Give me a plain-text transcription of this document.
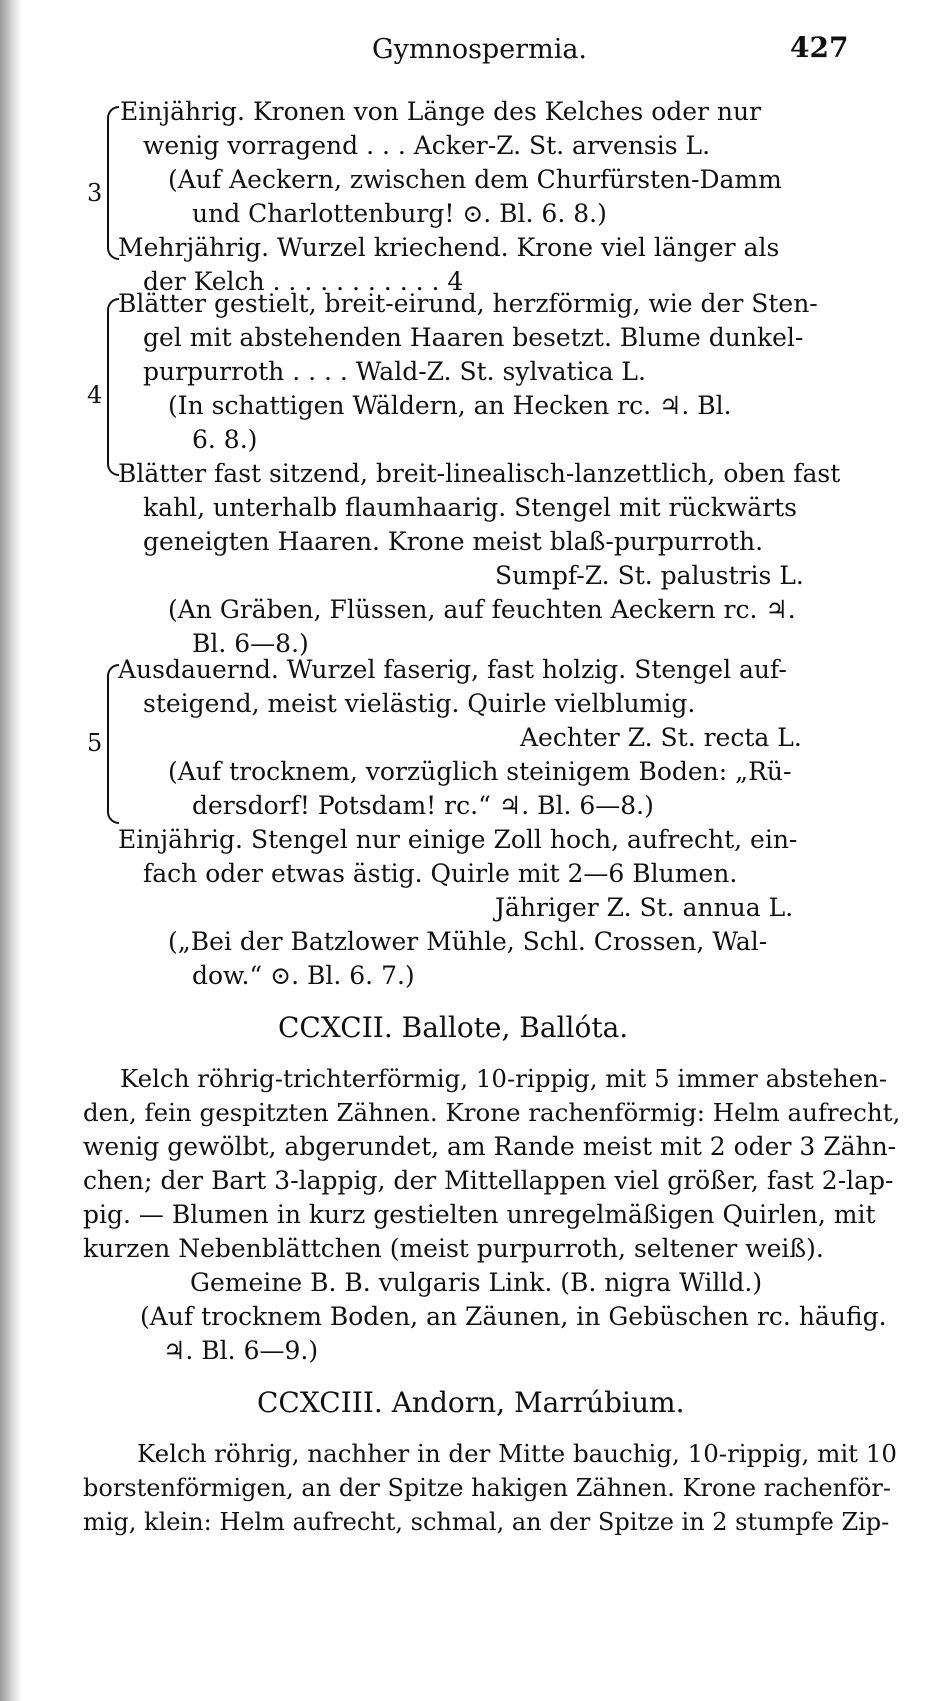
Gymnospermia.	427
3
Einjährig. Kronen von Länge des Kelches oder nur
wenig vorragend . . . Acker-Z. St. arvensis L.
(Auf Aeckern, zwischen dem Churfürsten-Damm
und Charlottenburg! ⊙. Bl. 6. 8.)
Mehrjährig. Wurzel kriechend. Krone viel länger als
der Kelch . . . . . . . . . . . 4
4
Blätter gestielt, breit-eirund, herzförmig, wie der Sten-
gel mit abstehenden Haaren besetzt. Blume dunkel-
purpurroth . . . . Wald-Z. St. sylvatica L.
(In schattigen Wäldern, an Hecken rc. ♃. Bl.
6. 8.)
Blätter fast sitzend, breit-linealisch-lanzettlich, oben fast
kahl, unterhalb flaumhaarig. Stengel mit rückwärts
geneigten Haaren. Krone meist blaß-purpurroth.
Sumpf-Z. St. palustris L.
(An Gräben, Flüssen, auf feuchten Aeckern rc. ♃.
Bl. 6—8.)
5
Ausdauernd. Wurzel faserig, fast holzig. Stengel auf-
steigend, meist vielästig. Quirle vielblumig.
Aechter Z. St. recta L.
(Auf trocknem, vorzüglich steinigem Boden: „Rü-
dersdorf! Potsdam! rc.“ ♃. Bl. 6—8.)
Einjährig. Stengel nur einige Zoll hoch, aufrecht, ein-
fach oder etwas ästig. Quirle mit 2—6 Blumen.
Jähriger Z. St. annua L.
(„Bei der Batzlower Mühle, Schl. Crossen, Wal-
dow.“ ⊙. Bl. 6. 7.)
CCXCII. Ballote, Ballóta.
Kelch röhrig-trichterförmig, 10-rippig, mit 5 immer abstehen-
den, fein gespitzten Zähnen. Krone rachenförmig: Helm aufrecht,
wenig gewölbt, abgerundet, am Rande meist mit 2 oder 3 Zähn-
chen; der Bart 3-lappig, der Mittellappen viel größer, fast 2-lap-
pig. — Blumen in kurz gestielten unregelmäßigen Quirlen, mit
kurzen Nebenblättchen (meist purpurroth, seltener weiß).
Gemeine B. B. vulgaris Link. (B. nigra Willd.)
(Auf trocknem Boden, an Zäunen, in Gebüschen rc. häufig.
♃. Bl. 6—9.)
CCXCIII. Andorn, Marrúbium.
Kelch röhrig, nachher in der Mitte bauchig, 10-rippig, mit 10
borstenförmigen, an der Spitze hakigen Zähnen. Krone rachenför-
mig, klein: Helm aufrecht, schmal, an der Spitze in 2 stumpfe Zip-
